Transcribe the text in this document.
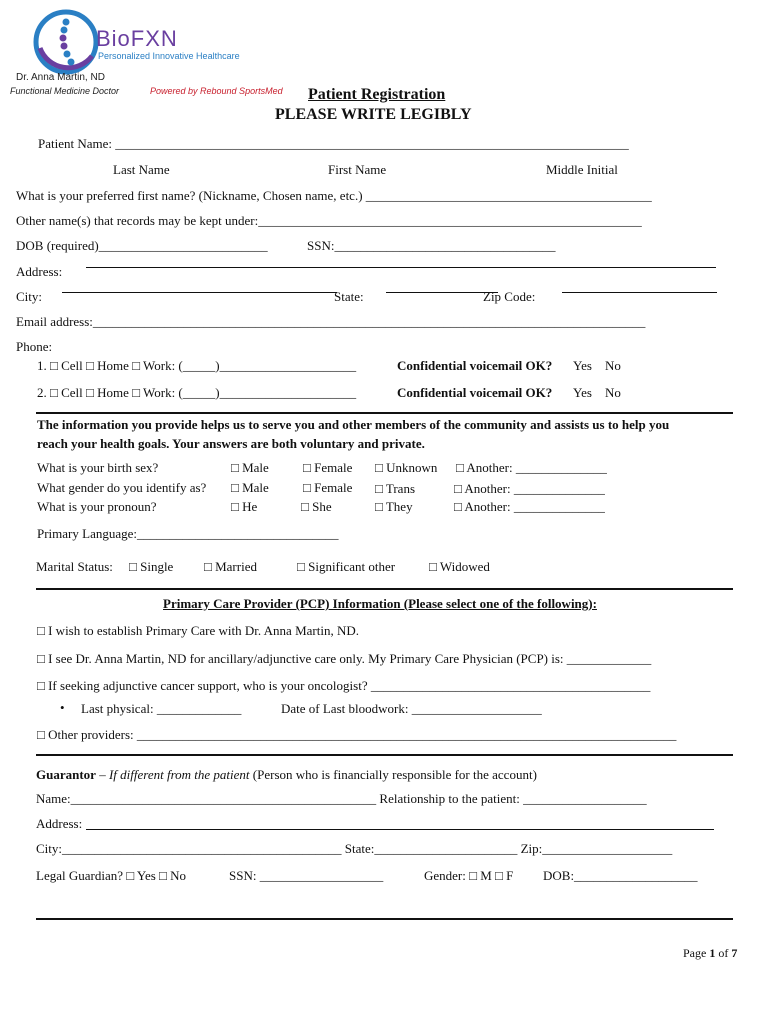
BioFXN
Personalized Innovative Healthcare
Dr. Anna Martin, ND
Functional Medicine Doctor	Powered by Rebound SportsMed Patient Registration
PLEASE WRITE LEGIBLY
Patient Name: _______________________________________________________________________________
Last Name	First Name	Middle Initial
What is your preferred first name? (Nickname, Chosen name, etc.) ____________________________________________
Other name(s) that records may be kept under:___________________________________________________________
DOB (required)__________________________	SSN:__________________________________
Address:
City:	State:	Zip Code:
Email address:_____________________________________________________________________________________
Phone:
1. □ Cell □ Home □ Work: (_____)_____________________	Confidential voicemail OK? Yes No
2. □ Cell □ Home □ Work: (_____)_____________________	Confidential voicemail OK? Yes No
The information you provide helps us to serve you and other members of the community and assists us to help you
reach your health goals. Your answers are both voluntary and private.
What is your birth sex?	□ Male	□ Female □ Unknown □ Another: ______________
What gender do you identify as? □ Male	□ Female □ Trans	□ Another: ______________
What is your pronoun?	□ He	□ She	□ They	□ Another: ______________
Primary Language:_______________________________
Marital Status: □ Single □ Married	□ Significant other	□ Widowed
Primary Care Provider (PCP) Information (Please select one of the following):
□ I wish to establish Primary Care with Dr. Anna Martin, ND.
□ I see Dr. Anna Martin, ND for ancillary/adjunctive care only. My Primary Care Physician (PCP) is: _____________
□ If seeking adjunctive cancer support, who is your oncologist? ___________________________________________
• Last physical: _____________	Date of Last bloodwork: ____________________
□ Other providers: ___________________________________________________________________________________
Guarantor – If different from the patient (Person who is financially responsible for the account)
Name:_______________________________________________ Relationship to the patient: ___________________
Address:
City:___________________________________________ State:______________________ Zip:____________________
Legal Guardian? □ Yes □ No	SSN: ___________________	Gender: □ M □ F DOB:___________________
Page 1 of 7
